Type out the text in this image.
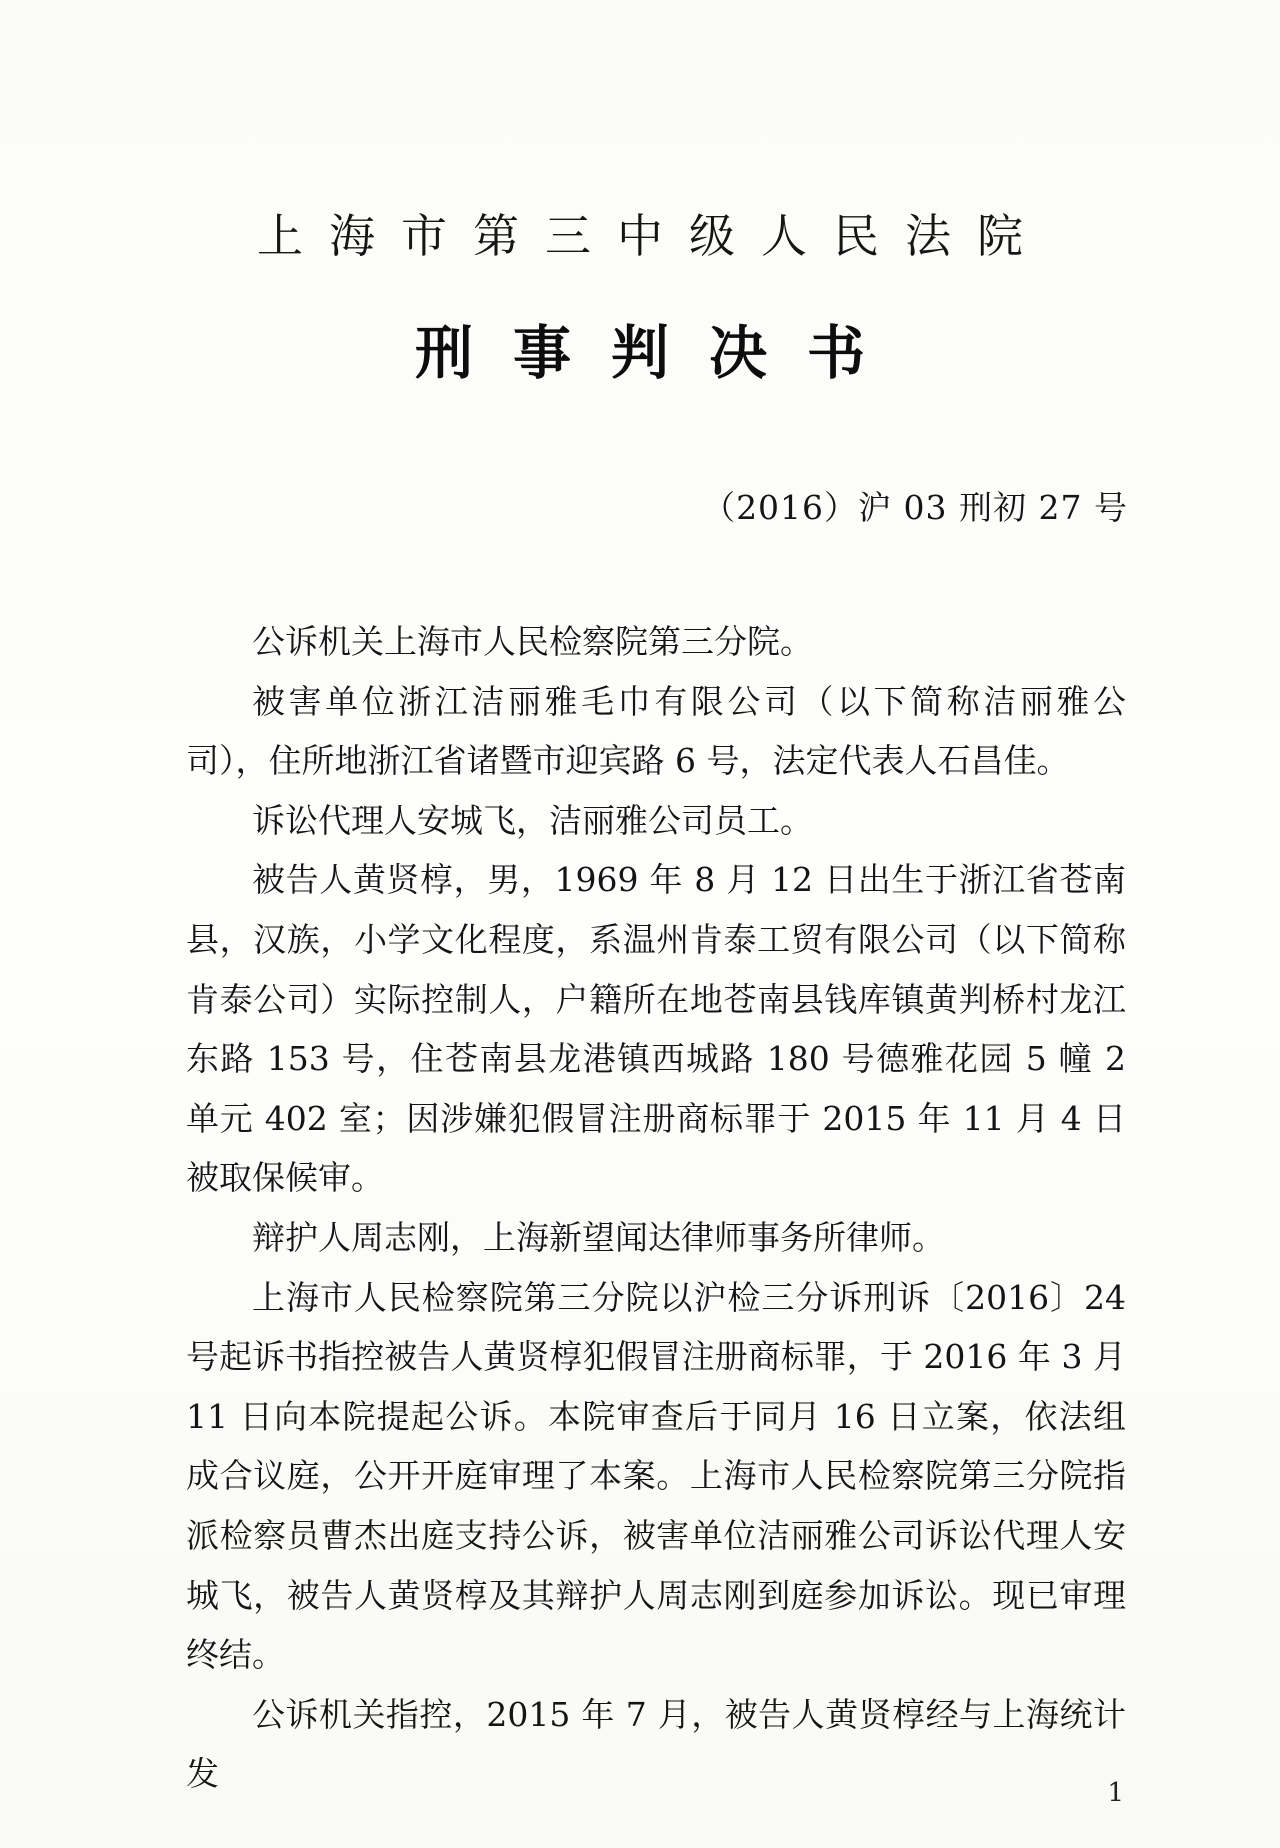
上海市第三中级人民法院
刑事判决书
（2016）沪 03 刑初 27 号

公诉机关上海市人民检察院第三分院。

被害单位浙江洁丽雅毛巾有限公司（以下简称洁丽雅公司），住所地浙江省诸暨市迎宾路 6 号，法定代表人石昌佳。

诉讼代理人安城飞，洁丽雅公司员工。

被告人黄贤椁，男，1969 年 8 月 12 日出生于浙江省苍南县，汉族，小学文化程度，系温州肯泰工贸有限公司（以下简称肯泰公司）实际控制人，户籍所在地苍南县钱库镇黄判桥村龙江东路 153 号，住苍南县龙港镇西城路 180 号德雅花园 5 幢 2 单元 402 室；因涉嫌犯假冒注册商标罪于 2015 年 11 月 4 日被取保候审。

辩护人周志刚，上海新望闻达律师事务所律师。

上海市人民检察院第三分院以沪检三分诉刑诉〔2016〕24 号起诉书指控被告人黄贤椁犯假冒注册商标罪，于 2016 年 3 月 11 日向本院提起公诉。本院审查后于同月 16 日立案，依法组成合议庭，公开开庭审理了本案。上海市人民检察院第三分院指派检察员曹杰出庭支持公诉，被害单位洁丽雅公司诉讼代理人安城飞，被告人黄贤椁及其辩护人周志刚到庭参加诉讼。现已审理终结。

公诉机关指控，2015 年 7 月，被告人黄贤椁经与上海统计发	1
